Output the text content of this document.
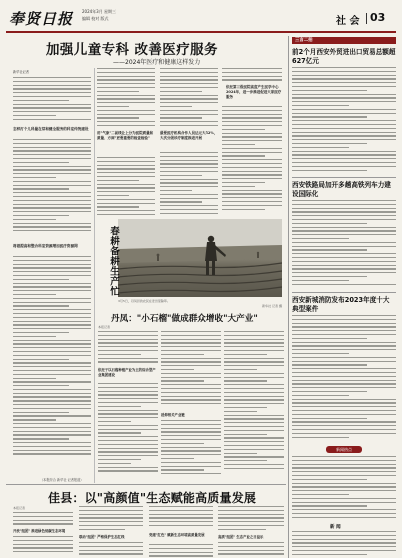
奉贤日报 2024年3月 星期三
编辑 校对 版式	社 会 03
加强儿童专科 改善医疗服务
——2024年医疗和健康这样发力
新华社记者
怎样打个儿科量在常和健全服务的科室传统建设
将着提高和整合科室资源增加医疗资源网
（本报综合 新华社 记者报道）
用"气象"二前线让上分为医院质量和质量、方面"更要重要的检查检验"
最要医疗机构合作人员达元大52%，大次分级诊疗制度推进开展
依托第三级医院高度产生医学中心2024年，进一步推进促进大家医疗服务
春耕备耕生产忙
3月5日，丹凤县的农民在麦田里除草。
新华社 记者 摄
丹凤："小石榴"做成群众增收"大产业"
本报记者
依托于以石榴种植产业为主的综合型产业集团建设
延伸相关产业链
佳县：以"高颜值"生态赋能高质量发展
本报记者
开放"组团" 推进绿色低碳生态环境
联动"组团" 严格保护生态红线	党建"红色" 赋新生态环境高质量发展	高质"组团" 生态产业之日益乐
三言二拍
前2个月西安外贸进出口贸易总额超627亿元
西安铁路局加开多趟高铁列车力建设国际化
西安新城消防发布2023年度十大典型案件
新闻热点
新 闻
